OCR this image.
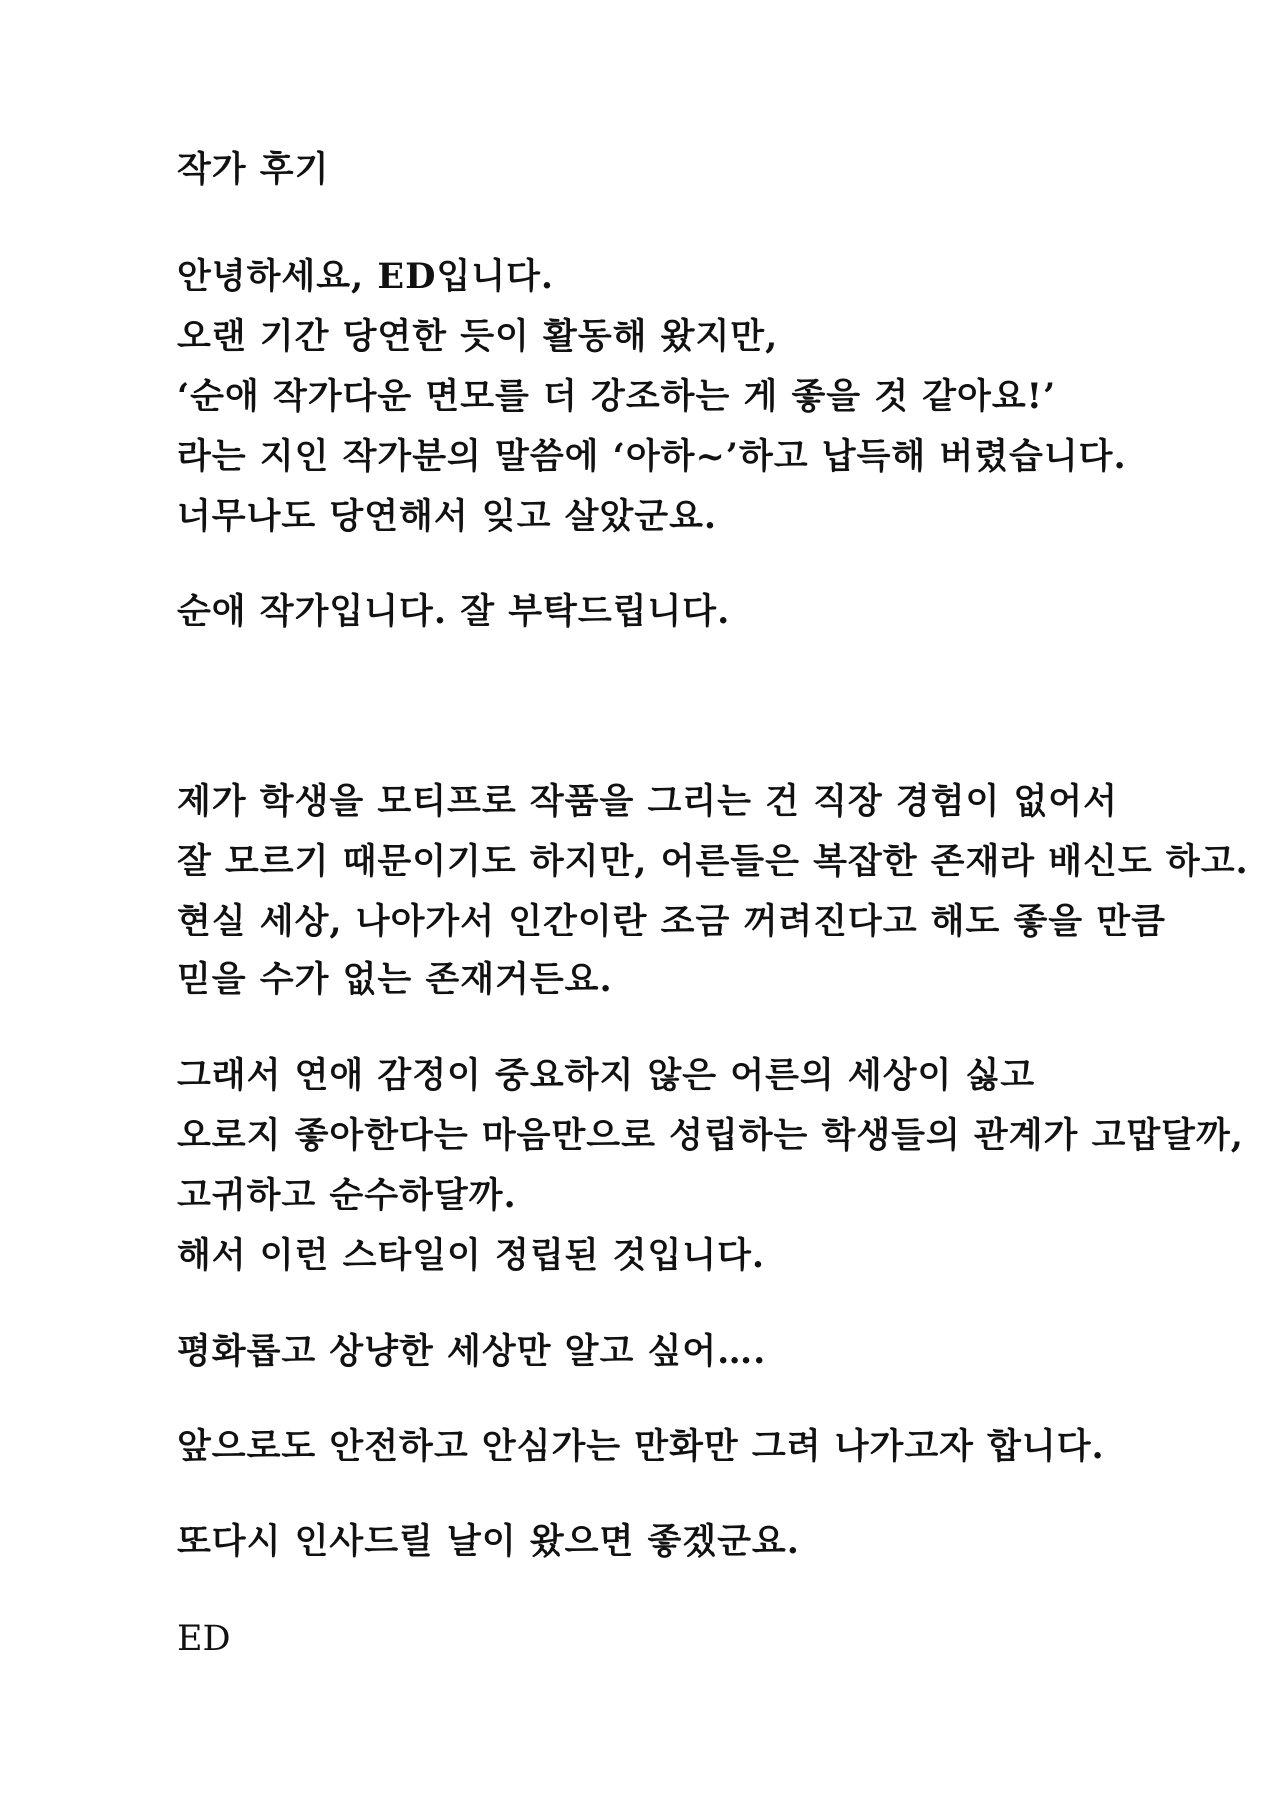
작가 후기
안녕하세요, ED입니다.
오랜 기간 당연한 듯이 활동해 왔지만,
‘순애 작가다운 면모를 더 강조하는 게 좋을 것 같아요!’
라는 지인 작가분의 말씀에 ‘아하~’하고 납득해 버렸습니다.
너무나도 당연해서 잊고 살았군요.
순애 작가입니다. 잘 부탁드립니다.
제가 학생을 모티프로 작품을 그리는 건 직장 경험이 없어서
잘 모르기 때문이기도 하지만, 어른들은 복잡한 존재라 배신도 하고.
현실 세상, 나아가서 인간이란 조금 꺼려진다고 해도 좋을 만큼
믿을 수가 없는 존재거든요.
그래서 연애 감정이 중요하지 않은 어른의 세상이 싫고
오로지 좋아한다는 마음만으로 성립하는 학생들의 관계가 고맙달까,
고귀하고 순수하달까.
해서 이런 스타일이 정립된 것입니다.
평화롭고 상냥한 세상만 알고 싶어….
앞으로도 안전하고 안심가는 만화만 그려 나가고자 합니다.
또다시 인사드릴 날이 왔으면 좋겠군요.
ED
